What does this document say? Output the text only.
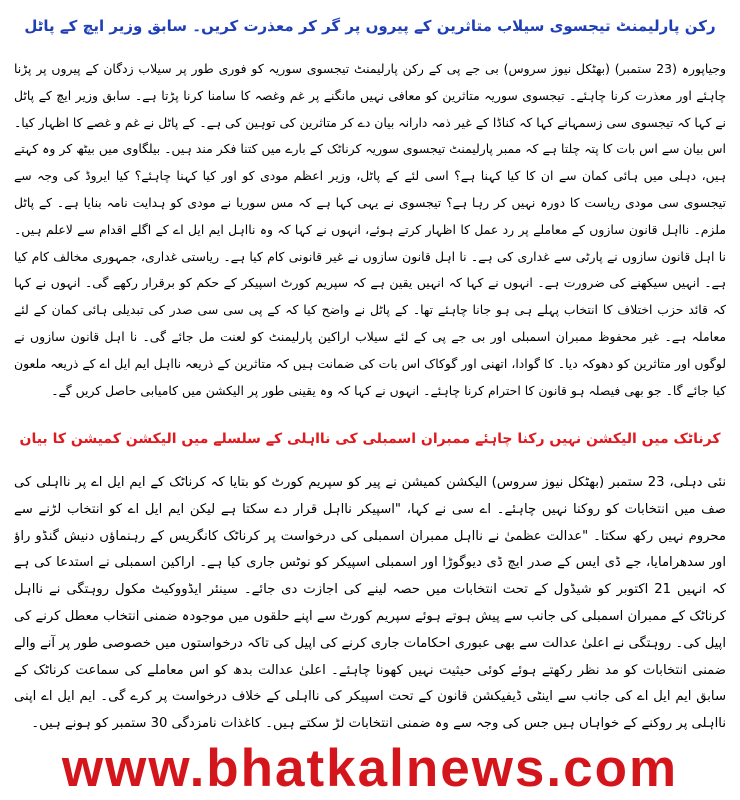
رکن پارلیمنٹ تیجسوی سیلاب متاثرین کے پیروں پر گر کر معذرت کریں۔ سابق وزیر ایچ کے پاٹل

وجیاپورہ (23 ستمبر) (بھٹکل نیوز سروس) بی جے پی کے رکن پارلیمنٹ تیجسوی سوریہ کو فوری طور پر سیلاب زدگان کے پیروں پر پڑنا چاہئے اور معذرت کرنا چاہئے۔ تیجسوی سوریہ متاثرین کو معافی نہیں مانگنے پر غم وغصہ کا سامنا کرنا پڑتا ہے۔ سابق وزیر ایچ کے پاٹل نے کہا کہ تیجسوی سی زسمہانے کہا کہ کناڈا کے غیر ذمہ دارانہ بیان دے کر متاثرین کی توہین کی ہے۔ کے پاٹل نے غم و غصے کا اظہار کیا۔ اس بیان سے اس بات کا پتہ چلتا ہے کہ ممبر پارلیمنٹ تیجسوی سوریہ کرناٹک کے بارے میں کتنا فکر مند ہیں۔ بیلگاوی میں بیٹھ کر وہ کہتے ہیں، دہلی میں ہائی کمان سے ان کا کیا کہنا ہے؟ اسی لئے کے پاٹل، وزیر اعظم مودی کو اور کیا کہنا چاہئے؟ کیا ایروڈ کی وجہ سے تیجسوی سی مودی ریاست کا دورہ نہیں کر رہا ہے؟ تیجسوی نے یہی کہا ہے کہ مس سوریا نے مودی کو ہدایت نامہ بنایا ہے۔ کے پاٹل ملزم۔ نااہل قانون سازوں کے معاملے پر رد عمل کا اظہار کرتے ہوئے، انہوں نے کہا کہ وہ نااہل ایم ایل اے کے اگلے اقدام سے لاعلم ہیں۔ نا اہل قانون سازوں نے پارٹی سے غداری کی ہے۔ نا اہل قانون سازوں نے غیر قانونی کام کیا ہے۔ ریاستی غداری، جمہوری مخالف کام کیا ہے۔ انہیں سیکھنے کی ضرورت ہے۔ انہوں نے کہا کہ انہیں یقین ہے کہ سپریم کورٹ اسپیکر کے حکم کو برقرار رکھے گی۔ انہوں نے کہا کہ قائد حزب اختلاف کا انتخاب پہلے ہی ہو جانا چاہئے تھا۔ کے پاٹل نے واضح کیا کہ کے پی سی سی صدر کی تبدیلی ہائی کمان کے لئے معاملہ ہے۔ غیر محفوظ ممبران اسمبلی اور بی جے پی کے لئے سیلاب اراکین پارلیمنٹ کو لعنت مل جائے گی۔ نا اہل قانون سازوں نے لوگوں اور متاثرین کو دھوکہ دیا۔ کا گوادا، اتھنی اور گوکاک اس بات کی ضمانت ہیں کہ متاثرین کے ذریعہ نااہل ایم ایل اے کے ذریعہ ملعون کیا جائے گا۔ جو بھی فیصلہ ہو قانون کا احترام کرنا چاہئے۔ انہوں نے کہا کہ وہ یقینی طور پر الیکشن میں کامیابی حاصل کریں گے۔

کرناٹک میں الیکشن نہیں رکنا چاہئے ممبران اسمبلی کی نااہلی کے سلسلے میں الیکشن کمیشن کا بیان

نئی دہلی، 23 ستمبر (بھٹکل نیوز سروس) الیکشن کمیشن نے پیر کو سپریم کورٹ کو بتایا کہ کرناٹک کے ایم ایل اے پر نااہلی کی صف میں انتخابات کو روکنا نہیں چاہئے۔ اے سی نے کہا، "اسپیکر نااہل قرار دے سکتا ہے لیکن ایم ایل اے کو انتخاب لڑنے سے محروم نہیں رکھ سکتا۔ "عدالت عظمیٰ نے نااہل ممبران اسمبلی کی درخواست پر کرناٹک کانگریس کے رہنماؤں دنیش گنڈو راؤ اور سدھرامایا، جے ڈی ایس کے صدر ایچ ڈی دیوگوڑا اور اسمبلی اسپیکر کو نوٹس جاری کیا ہے۔ اراکین اسمبلی نے استدعا کی ہے کہ انہیں 21 اکتوبر کو شیڈول کے تحت انتخابات میں حصہ لینے کی اجازت دی جائے۔ سینئر ایڈووکیٹ مکول روہتگی نے نااہل کرناٹک کے ممبران اسمبلی کی جانب سے پیش ہوتے ہوئے سپریم کورٹ سے اپنے حلقوں میں موجودہ ضمنی انتخاب معطل کرنے کی اپیل کی۔ روہتگی نے اعلیٰ عدالت سے بھی عبوری احکامات جاری کرنے کی اپیل کی تاکہ درخواستوں میں خصوصی طور پر آنے والے ضمنی انتخابات کو مد نظر رکھتے ہوئے کوئی حیثیت نہیں کھونا چاہئے۔ اعلیٰ عدالت بدھ کو اس معاملے کی سماعت کرناٹک کے سابق ایم ایل اے کی جانب سے اینٹی ڈیفیکشن قانون کے تحت اسپیکر کی نااہلی کے خلاف درخواست پر کرے گی۔ ایم ایل اے اپنی نااہلی پر روکنے کے خواہاں ہیں جس کی وجہ سے وہ ضمنی انتخابات لڑ سکتے ہیں۔ کاغذات نامزدگی 30 ستمبر کو ہونے ہیں۔

www.bhatkalnews.com
